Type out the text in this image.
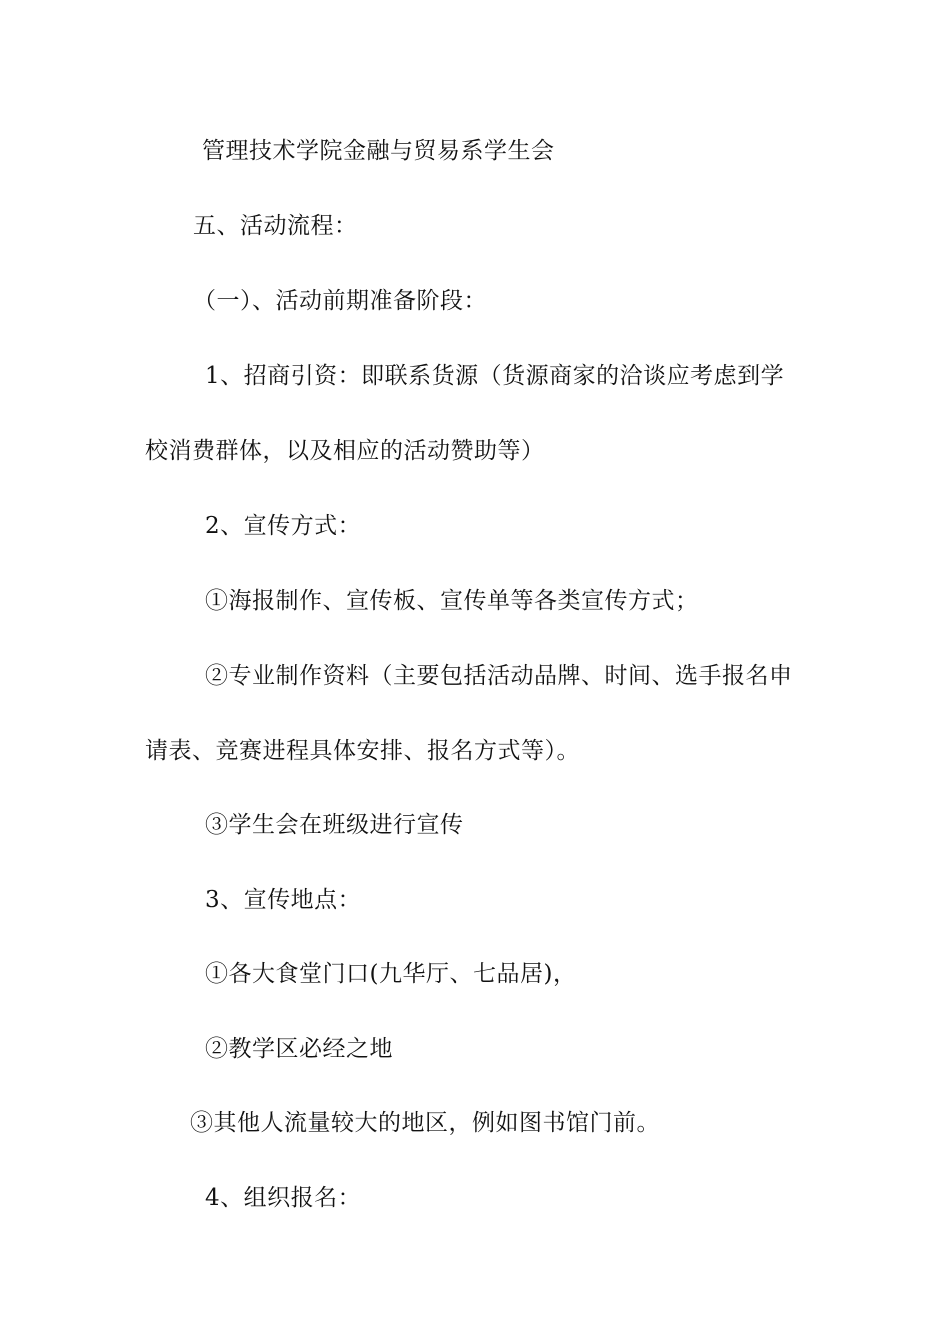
管理技术学院金融与贸易系学生会
五、活动流程：
（一）、活动前期准备阶段：
1、招商引资：即联系货源（货源商家的洽谈应考虑到学
校消费群体，以及相应的活动赞助等）
2、宣传方式：
①海报制作、宣传板、宣传单等各类宣传方式；
②专业制作资料（主要包括活动品牌、时间、选手报名申
请表、竞赛进程具体安排、报名方式等）。
③学生会在班级进行宣传
3、宣传地点：
①各大食堂门口(九华厅、七品居)，
②教学区必经之地
③其他人流量较大的地区，例如图书馆门前。
4、组织报名：
